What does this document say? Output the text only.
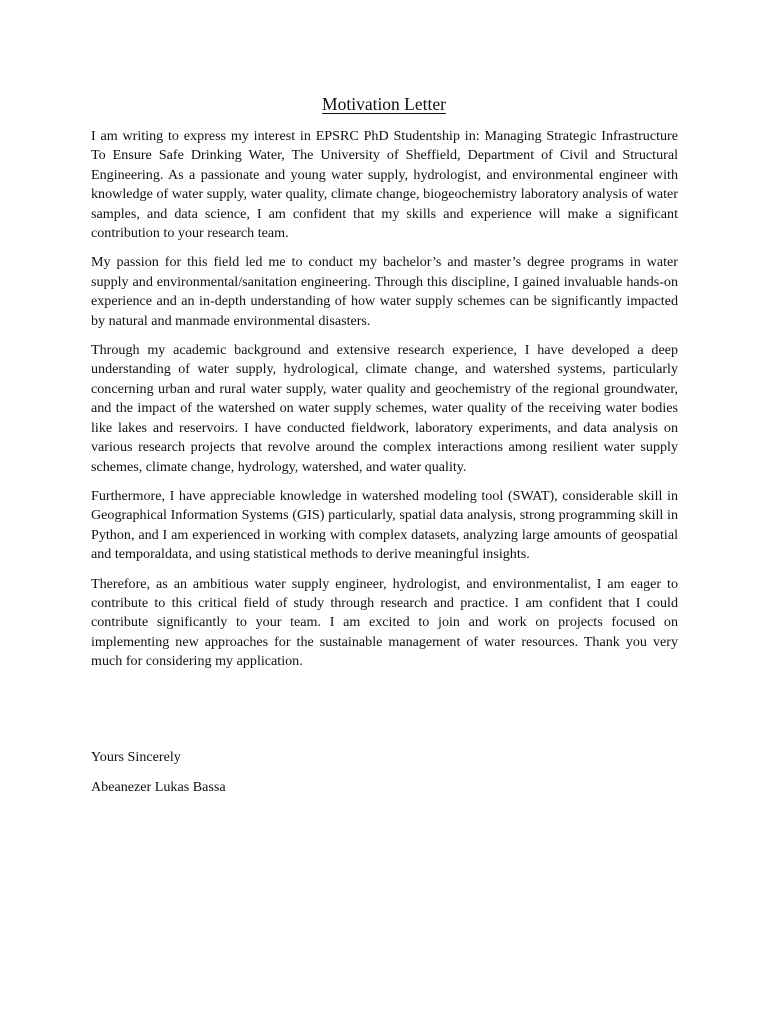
Motivation Letter

I am writing to express my interest in EPSRC PhD Studentship in: Managing Strategic Infrastructure To Ensure Safe Drinking Water, The University of Sheffield, Department of Civil and Structural Engineering. As a passionate and young water supply, hydrologist, and environmental engineer with knowledge of water supply, water quality, climate change, biogeochemistry laboratory analysis of water samples, and data science, I am confident that my skills and experience will make a significant contribution to your research team.

My passion for this field led me to conduct my bachelor’s and master’s degree programs in water supply and environmental/sanitation engineering. Through this discipline, I gained invaluable hands-on experience and an in-depth understanding of how water supply schemes can be significantly impacted by natural and manmade environmental disasters.

Through my academic background and extensive research experience, I have developed a deep understanding of water supply, hydrological, climate change, and watershed systems, particularly concerning urban and rural water supply, water quality and geochemistry of the regional groundwater, and the impact of the watershed on water supply schemes, water quality of the receiving water bodies like lakes and reservoirs. I have conducted fieldwork, laboratory experiments, and data analysis on various research projects that revolve around the complex interactions among resilient water supply schemes, climate change, hydrology, watershed, and water quality.

Furthermore, I have appreciable knowledge in watershed modeling tool (SWAT), considerable skill in Geographical Information Systems (GIS) particularly, spatial data analysis, strong programming skill in Python, and I am experienced in working with complex datasets, analyzing large amounts of geospatial and temporaldata, and using statistical methods to derive meaningful insights.

Therefore, as an ambitious water supply engineer, hydrologist, and environmentalist, I am eager to contribute to this critical field of study through research and practice. I am confident that I could contribute significantly to your team. I am excited to join and work on projects focused on implementing new approaches for the sustainable management of water resources. Thank you very much for considering my application.

Yours Sincerely
Abeanezer Lukas Bassa
